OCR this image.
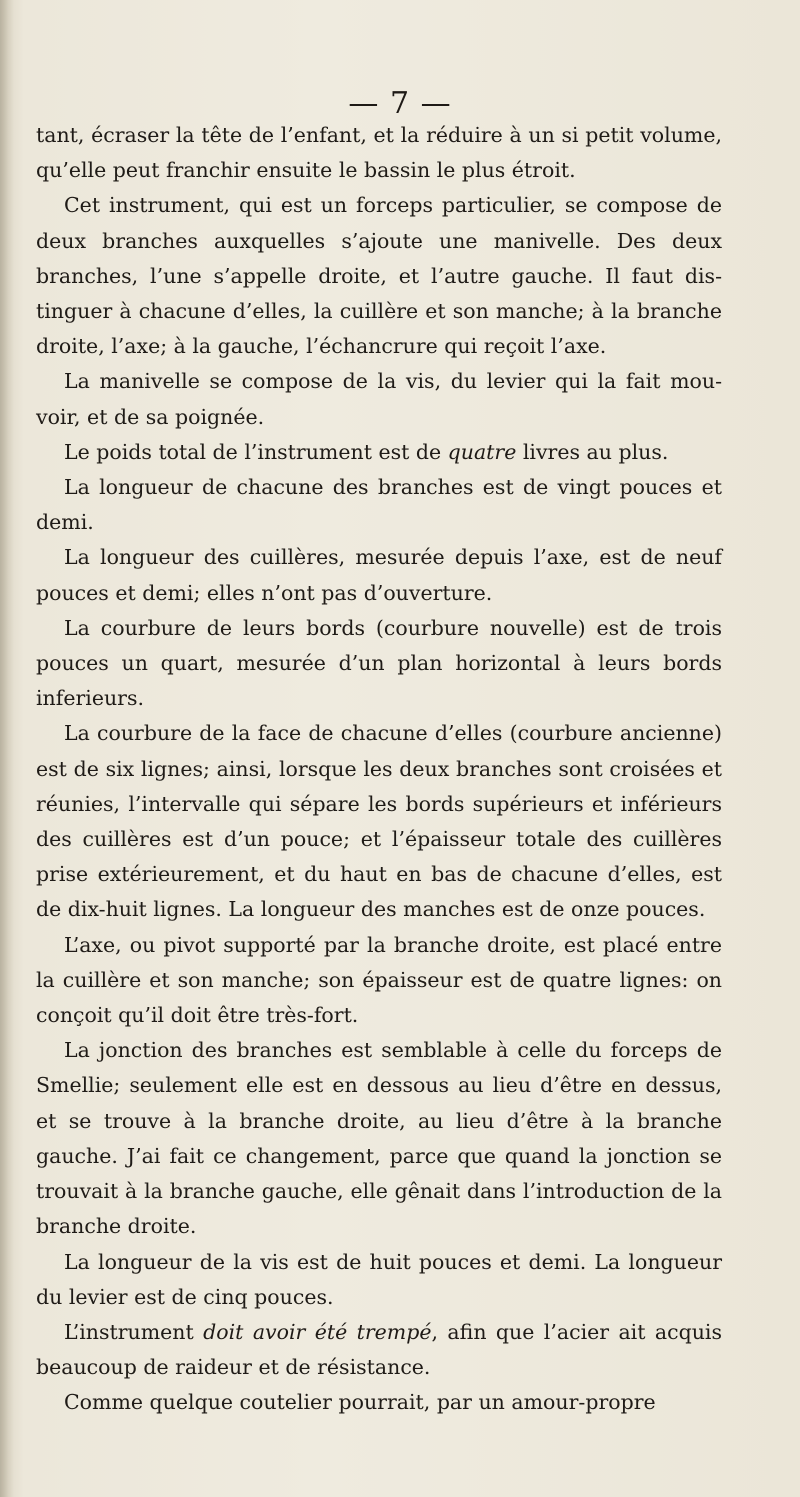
— 7 —

tant, écraser la tête de l’enfant, et la réduire à un si petit volume, qu’elle peut franchir ensuite le bassin le plus étroit.

Cet instrument, qui est un forceps particulier, se compose de deux branches auxquelles s’ajoute une manivelle. Des deux branches, l’une s’appelle droite, et l’autre gauche. Il faut distinguer à chacune d’elles, la cuillère et son manche; à la branche droite, l’axe; à la gauche, l’échancrure qui reçoit l’axe.

La manivelle se compose de la vis, du levier qui la fait mouvoir, et de sa poignée.

Le poids total de l’instrument est de quatre livres au plus.

La longueur de chacune des branches est de vingt pouces et demi.

La longueur des cuillères, mesurée depuis l’axe, est de neuf pouces et demi; elles n’ont pas d’ouverture.

La courbure de leurs bords (courbure nouvelle) est de trois pouces un quart, mesurée d’un plan horizontal à leurs bords inferieurs.

La courbure de la face de chacune d’elles (courbure ancienne) est de six lignes; ainsi, lorsque les deux branches sont croisées et réunies, l’intervalle qui sépare les bords supérieurs et inférieurs des cuillères est d’un pouce; et l’épaisseur totale des cuillères prise extérieurement, et du haut en bas de chacune d’elles, est de dix-huit lignes. La longueur des manches est de onze pouces.

L’axe, ou pivot supporté par la branche droite, est placé entre la cuillère et son manche; son épaisseur est de quatre lignes: on conçoit qu’il doit être très-fort.

La jonction des branches est semblable à celle du forceps de Smellie; seulement elle est en dessous au lieu d’être en dessus, et se trouve à la branche droite, au lieu d’être à la branche gauche. J’ai fait ce changement, parce que quand la jonction se trouvait à la branche gauche, elle gênait dans l’introduction de la branche droite.

La longueur de la vis est de huit pouces et demi. La longueur du levier est de cinq pouces.

L’instrument doit avoir été trempé, afin que l’acier ait acquis beaucoup de raideur et de résistance.

Comme quelque coutelier pourrait, par un amour-propre
